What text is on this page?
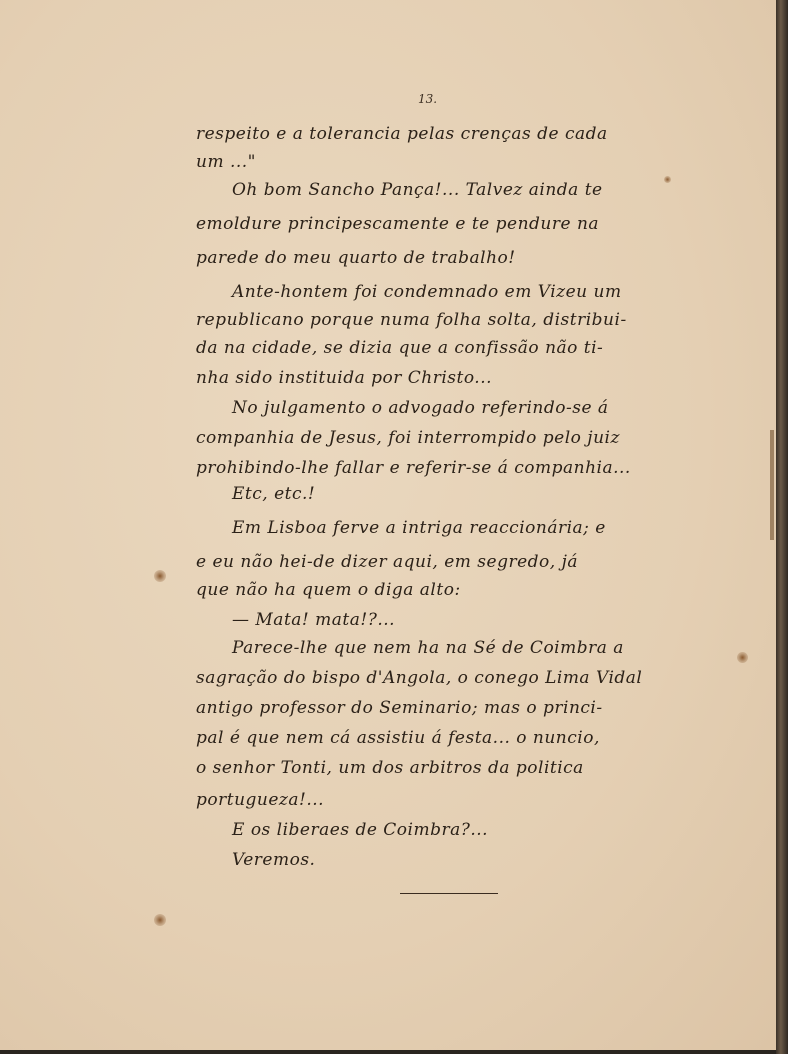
13.
respeito e a tolerancia pelas crenças de cada
um ..."
Oh bom Sancho Pança!... Talvez ainda te
emoldure principescamente e te pendure na
parede do meu quarto de trabalho!
Ante-hontem foi condemnado em Vizeu um
republicano porque numa folha solta, distribui-
da na cidade, se dizia que a confissão não ti-
nha sido instituida por Christo...
No julgamento o advogado referindo-se á
companhia de Jesus, foi interrompido pelo juiz
prohibindo-lhe fallar e referir-se á companhia...
Etc, etc.!
Em Lisboa ferve a intriga reaccionária; e
e eu não hei-de dizer aqui, em segredo, já
que não ha quem o diga alto:
— Mata! mata!?...
Parece-lhe que nem ha na Sé de Coimbra a
sagração do bispo d'Angola, o conego Lima Vidal
antigo professor do Seminario; mas o princi-
pal é que nem cá assistiu á festa... o nuncio,
o senhor Tonti, um dos arbitros da politica
portugueza!...
E os liberaes de Coimbra?...
Veremos.
